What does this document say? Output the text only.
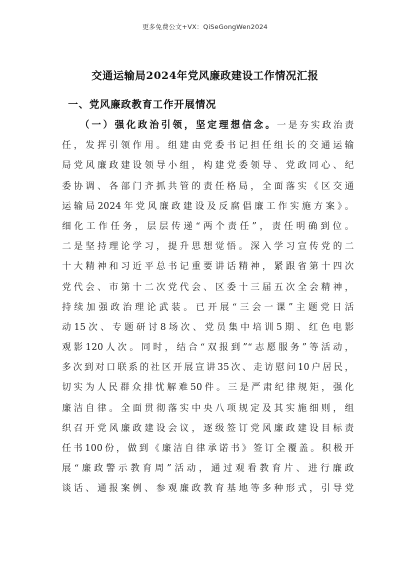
更多免费公文+VX：QiSeGongWen2024
交通运输局2024年党风廉政建设工作情况汇报
一、党风廉政教育工作开展情况
（一）强化政治引领，坚定理想信念。一是夯实政治责
任，发挥引领作用。组建由党委书记担任组长的交通运输
局党风廉政建设领导小组，构建党委领导、党政同心、纪
委协调、各部门齐抓共管的责任格局，全面落实《区交通
运输局2024年党风廉政建设及反腐倡廉工作实施方案》。
细化工作任务，层层传递“两个责任”，责任明确到位。
二是坚持理论学习，提升思想觉悟。深入学习宣传党的二
十大精神和习近平总书记重要讲话精神，紧跟省第十四次
党代会、市第十二次党代会、区委十三届五次全会精神，
持续加强政治理论武装。已开展“三会一课”主题党日活
动15次、专题研讨8场次、党员集中培训5期、红色电影
观影120人次。同时，结合“双报到”“志愿服务”等活动，
多次到对口联系的社区开展宣讲35次、走访慰问10户居民，
切实为人民群众排忧解难50件。三是严肃纪律规矩，强化
廉洁自律。全面贯彻落实中央八项规定及其实施细则，组
织召开党风廉政建设会议，逐级签订党风廉政建设目标责
任书100份，做到《廉洁自律承诺书》签订全覆盖。积极开
展“廉政警示教育周”活动，通过观看教育片、进行廉政
谈话、通报案例、参观廉政教育基地等多种形式，引导党
